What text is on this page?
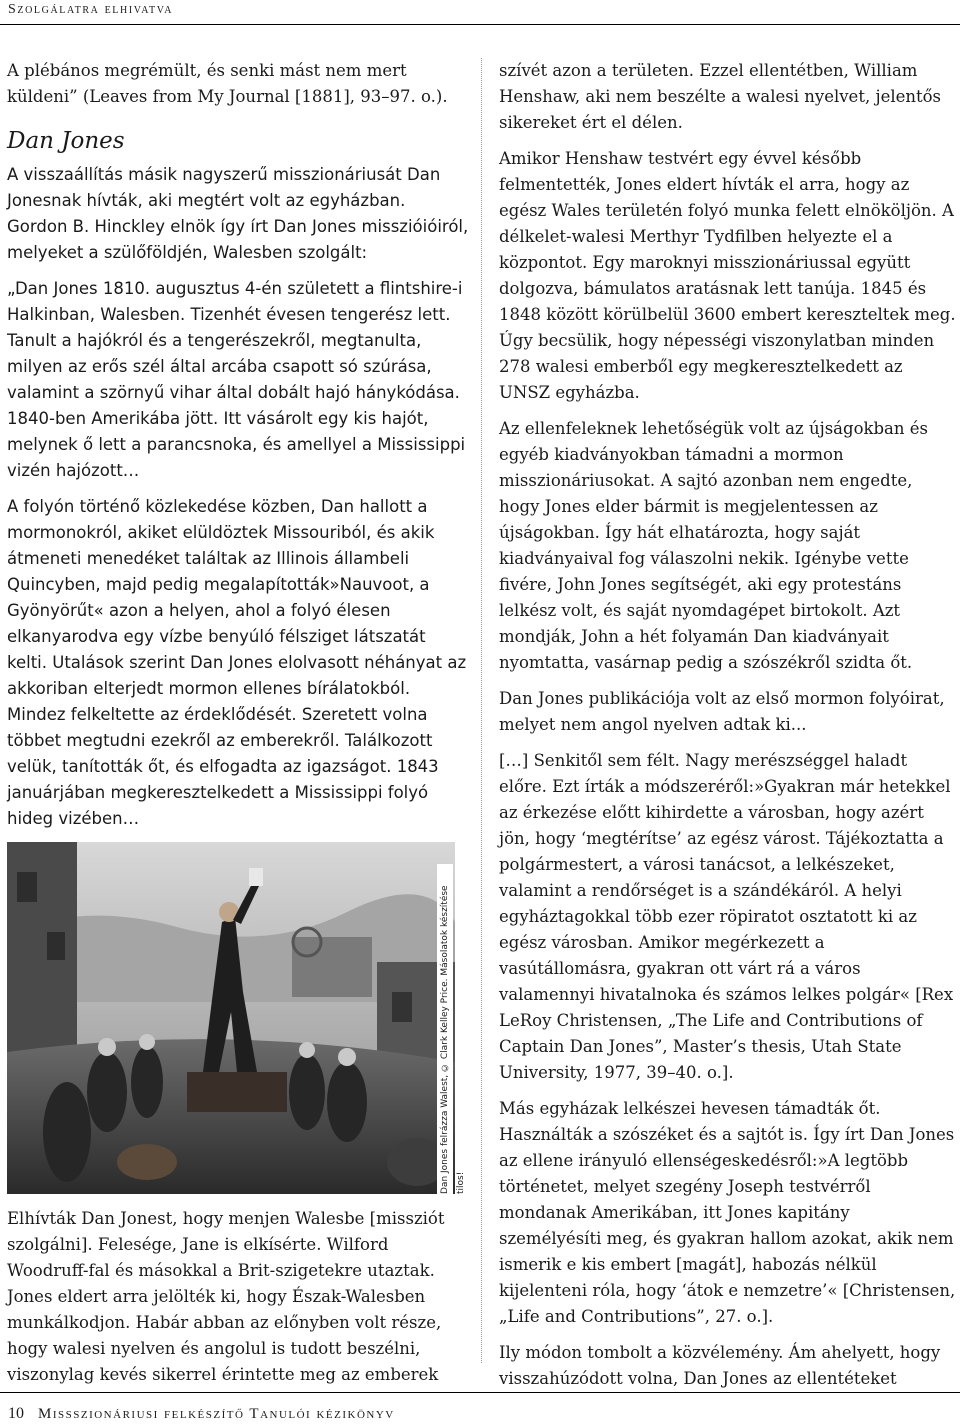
Szolgálatra elhivatva

A plébános megrémült, és senki mást nem mert küldeni” (Leaves from My Journal [1881], 93–97. o.).

Dan Jones

A visszaállítás másik nagyszerű misszionáriusát Dan Jonesnak hívták, aki megtért volt az egyházban. Gordon B. Hinckley elnök így írt Dan Jones misszióióiról, melyeket a szülőföldjén, Walesben szolgált:

„Dan Jones 1810. augusztus 4-én született a flintshire-i Halkinban, Walesben. Tizenhét évesen tengerész lett. Tanult a hajókról és a tengerészekről, megtanulta, milyen az erős szél által arcába csapott só szúrása, valamint a szörnyű vihar által dobált hajó hánykódása. 1840-ben Amerikába jött. Itt vásárolt egy kis hajót, melynek ő lett a parancsnoka, és amellyel a Mississippi vizén hajózott…

A folyón történő közlekedése közben, Dan hallott a mormonokról, akiket elüldöztek Missouriból, és akik átmeneti menedéket találtak az Illinois állambeli Quincyben, majd pedig megalapították»Nauvoot, a Gyönyörűt« azon a helyen, ahol a folyó élesen elkanyarodva egy vízbe benyúló félsziget látszatát kelti. Utalások szerint Dan Jones elolvasott néhányat az akkoriban elterjedt mormon ellenes bírálatokból. Mindez felkeltette az érdeklődését. Szeretett volna többet megtudni ezekről az emberekről. Találkozott velük, tanították őt, és elfogadta az igazságot. 1843 januárjában megkeresztelkedett a Mississippi folyó hideg vizében…

Dan Jones felrázza Walest, © Clark Kelley Price. Másolatok készítése tilos!

Elhívták Dan Jonest, hogy menjen Walesbe [missziót szolgálni]. Felesége, Jane is elkísérte. Wilford Woodruff-fal és másokkal a Brit-szigetekre utaztak. Jones eldert arra jelölték ki, hogy Észak-Walesben munkálkodjon. Habár abban az előnyben volt része, hogy walesi nyelven és angolul is tudott beszélni, viszonylag kevés sikerrel érintette meg az emberek

szívét azon a területen. Ezzel ellentétben, William Henshaw, aki nem beszélte a walesi nyelvet, jelentős sikereket ért el délen.

Amikor Henshaw testvért egy évvel később felmentették, Jones eldert hívták el arra, hogy az egész Wales területén folyó munka felett elnököljön. A délkelet-walesi Merthyr Tydfilben helyezte el a központot. Egy maroknyi misszionáriussal együtt dolgozva, bámulatos aratásnak lett tanúja. 1845 és 1848 között körülbelül 3600 embert kereszteltek meg. Úgy becsülik, hogy népességi viszonylatban minden 278 walesi emberből egy megkeresztelkedett az UNSZ egyházba.

Az ellenfeleknek lehetőségük volt az újságokban és egyéb kiadványokban támadni a mormon misszionáriusokat. A sajtó azonban nem engedte, hogy Jones elder bármit is megjelentessen az újságokban. Így hát elhatározta, hogy saját kiadványaival fog válaszolni nekik. Igénybe vette fivére, John Jones segítségét, aki egy protestáns lelkész volt, és saját nyomdagépet birtokolt. Azt mondják, John a hét folyamán Dan kiadványait nyomtatta, vasárnap pedig a szószékről szidta őt.

Dan Jones publikációja volt az első mormon folyóirat, melyet nem angol nyelven adtak ki...

[…] Senkitől sem félt. Nagy merészséggel haladt előre. Ezt írták a módszeréről:»Gyakran már hetekkel az érkezése előtt kihirdette a városban, hogy azért jön, hogy ‘megtérítse’ az egész várost. Tájékoztatta a polgármestert, a városi tanácsot, a lelkészeket, valamint a rendőrséget is a szándékáról. A helyi egyháztagokkal több ezer röpiratot osztatott ki az egész városban. Amikor megérkezett a vasútállomásra, gyakran ott várt rá a város valamennyi hivatalnoka és számos lelkes polgár« [Rex LeRoy Christensen, „The Life and Contributions of Captain Dan Jones”, Master’s thesis, Utah State University, 1977, 39–40. o.].

Más egyházak lelkészei hevesen támadták őt. Használták a szószéket és a sajtót is. Így írt Dan Jones az ellene irányuló ellenségeskedésről:»A legtöbb történetet, melyet szegény Joseph testvérről mondanak Amerikában, itt Jones kapitány személyésíti meg, és gyakran hallom azokat, akik nem ismerik e kis embert [magát], habozás nélkül kijelenteni róla, hogy ‘átok e nemzetre’« [Christensen, „Life and Contributions”, 27. o.].

Ily módon tombolt a közvélemény. Ám ahelyett, hogy visszahúzódott volna, Dan Jones az ellentéteket

10 Missszionáriusi felkészítő Tanulói kézikönyv
